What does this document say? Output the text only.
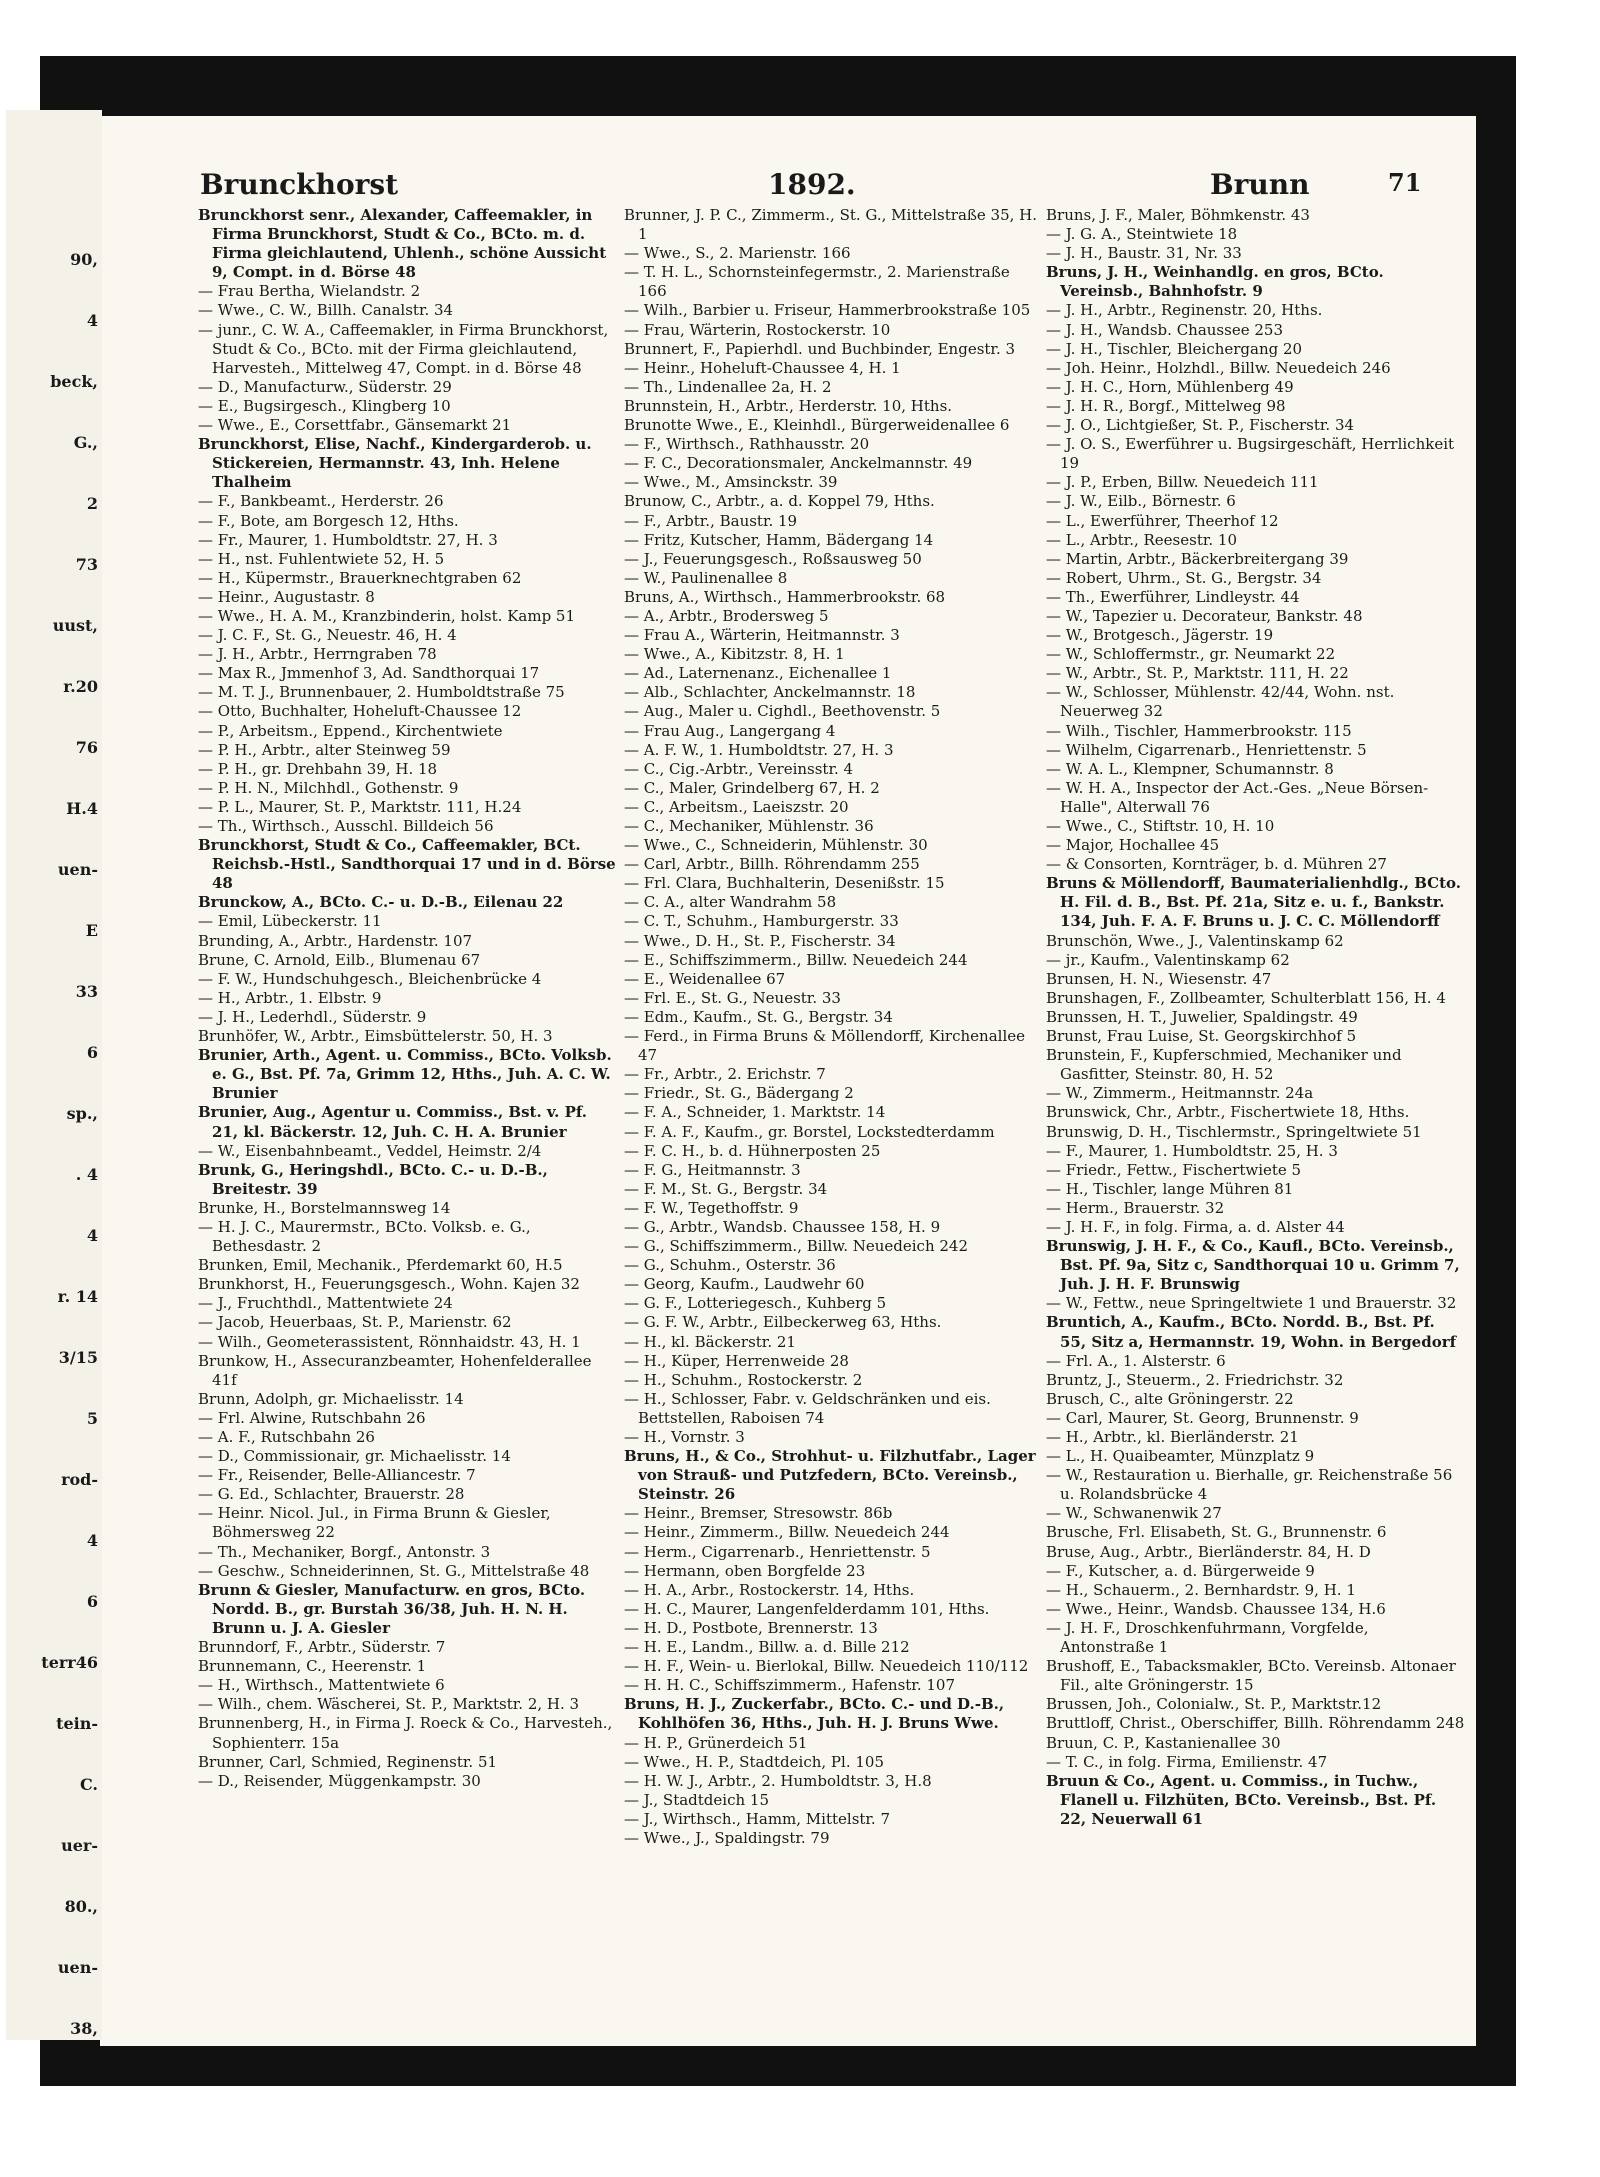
90,
4
beck,
G.,
2
73
uust,
r.20
76
H.4
uen-
E
33
6
sp.,
. 4
4
r. 14
3/15
5
rod-
4
6
terr46
tein-
C.
uer-
80.,
uen-
38,
Brunckhorst	1892.	Brunn	71

Brunckhorst senr., Alexander, Caffeemakler, in Firma Brunckhorst, Studt & Co., BCto. m. d. Firma gleichlautend, Uhlenh., schöne Aussicht 9, Compt. in d. Börse 48

— Frau Bertha, Wielandstr. 2

— Wwe., C. W., Billh. Canalstr. 34

— junr., C. W. A., Caffeemakler, in Firma Brunckhorst, Studt & Co., BCto. mit der Firma gleichlautend, Harvesteh., Mittelweg 47, Compt. in d. Börse 48

— D., Manufacturw., Süderstr. 29

— E., Bugsirgesch., Klingberg 10

— Wwe., E., Corsettfabr., Gänsemarkt 21

Brunckhorst, Elise, Nachf., Kindergarderob. u. Stickereien, Hermannstr. 43, Inh. Helene Thalheim

— F., Bankbeamt., Herderstr. 26

— F., Bote, am Borgesch 12, Hths.

— Fr., Maurer, 1. Humboldtstr. 27, H. 3

— H., nst. Fuhlentwiete 52, H. 5

— H., Küpermstr., Brauerknechtgraben 62

— Heinr., Augustastr. 8

— Wwe., H. A. M., Kranzbinderin, holst. Kamp 51

— J. C. F., St. G., Neuestr. 46, H. 4

— J. H., Arbtr., Herrngraben 78

— Max R., Jmmenhof 3, Ad. Sandthorquai 17

— M. T. J., Brunnenbauer, 2. Humboldtstraße 75

— Otto, Buchhalter, Hoheluft-Chaussee 12

— P., Arbeitsm., Eppend., Kirchentwiete

— P. H., Arbtr., alter Steinweg 59

— P. H., gr. Drehbahn 39, H. 18

— P. H. N., Milchhdl., Gothenstr. 9

— P. L., Maurer, St. P., Marktstr. 111, H.24

— Th., Wirthsch., Ausschl. Billdeich 56

Brunckhorst, Studt & Co., Caffeemakler, BCt. Reichsb.-Hstl., Sandthorquai 17 und in d. Börse 48

Brunckow, A., BCto. C.- u. D.-B., Eilenau 22

— Emil, Lübeckerstr. 11

Brunding, A., Arbtr., Hardenstr. 107

Brune, C. Arnold, Eilb., Blumenau 67

— F. W., Hundschuhgesch., Bleichenbrücke 4

— H., Arbtr., 1. Elbstr. 9

— J. H., Lederhdl., Süderstr. 9

Brunhöfer, W., Arbtr., Eimsbüttelerstr. 50, H. 3

Brunier, Arth., Agent. u. Commiss., BCto. Volksb. e. G., Bst. Pf. 7a, Grimm 12, Hths., Juh. A. C. W. Brunier

Brunier, Aug., Agentur u. Commiss., Bst. v. Pf. 21, kl. Bäckerstr. 12, Juh. C. H. A. Brunier

— W., Eisenbahnbeamt., Veddel, Heimstr. 2/4

Brunk, G., Heringshdl., BCto. C.- u. D.-B., Breitestr. 39

Brunke, H., Borstelmannsweg 14

— H. J. C., Maurermstr., BCto. Volksb. e. G., Bethesdastr. 2

Brunken, Emil, Mechanik., Pferdemarkt 60, H.5

Brunkhorst, H., Feuerungsgesch., Wohn. Kajen 32

— J., Fruchthdl., Mattentwiete 24

— Jacob, Heuerbaas, St. P., Marienstr. 62

— Wilh., Geometerassistent, Rönnhaidstr. 43, H. 1

Brunkow, H., Assecuranzbeamter, Hohenfelderallee 41f

Brunn, Adolph, gr. Michaelisstr. 14

— Frl. Alwine, Rutschbahn 26

— A. F., Rutschbahn 26

— D., Commissionair, gr. Michaelisstr. 14

— Fr., Reisender, Belle-Alliancestr. 7

— G. Ed., Schlachter, Brauerstr. 28

— Heinr. Nicol. Jul., in Firma Brunn & Giesler, Böhmersweg 22

— Th., Mechaniker, Borgf., Antonstr. 3

— Geschw., Schneiderinnen, St. G., Mittelstraße 48

Brunn & Giesler, Manufacturw. en gros, BCto. Nordd. B., gr. Burstah 36/38, Juh. H. N. H. Brunn u. J. A. Giesler

Brunndorf, F., Arbtr., Süderstr. 7

Brunnemann, C., Heerenstr. 1

— H., Wirthsch., Mattentwiete 6

— Wilh., chem. Wäscherei, St. P., Marktstr. 2, H. 3

Brunnenberg, H., in Firma J. Roeck & Co., Harvesteh., Sophienterr. 15a

Brunner, Carl, Schmied, Reginenstr. 51

— D., Reisender, Müggenkampstr. 30

Brunner, J. P. C., Zimmerm., St. G., Mittelstraße 35, H. 1

— Wwe., S., 2. Marienstr. 166

— T. H. L., Schornsteinfegermstr., 2. Marienstraße 166

— Wilh., Barbier u. Friseur, Hammerbrookstraße 105

— Frau, Wärterin, Rostockerstr. 10

Brunnert, F., Papierhdl. und Buchbinder, Engestr. 3

— Heinr., Hoheluft-Chaussee 4, H. 1

— Th., Lindenallee 2a, H. 2

Brunnstein, H., Arbtr., Herderstr. 10, Hths.

Brunotte Wwe., E., Kleinhdl., Bürgerweidenallee 6

— F., Wirthsch., Rathhausstr. 20

— F. C., Decorationsmaler, Anckelmannstr. 49

— Wwe., M., Amsinckstr. 39

Brunow, C., Arbtr., a. d. Koppel 79, Hths.

— F., Arbtr., Baustr. 19

— Fritz, Kutscher, Hamm, Bädergang 14

— J., Feuerungsgesch., Roßsausweg 50

— W., Paulinenallee 8

Bruns, A., Wirthsch., Hammerbrookstr. 68

— A., Arbtr., Brodersweg 5

— Frau A., Wärterin, Heitmannstr. 3

— Wwe., A., Kibitzstr. 8, H. 1

— Ad., Laternenanz., Eichenallee 1

— Alb., Schlachter, Anckelmannstr. 18

— Aug., Maler u. Cighdl., Beethovenstr. 5

— Frau Aug., Langergang 4

— A. F. W., 1. Humboldtstr. 27, H. 3

— C., Cig.-Arbtr., Vereinsstr. 4

— C., Maler, Grindelberg 67, H. 2

— C., Arbeitsm., Laeiszstr. 20

— C., Mechaniker, Mühlenstr. 36

— Wwe., C., Schneiderin, Mühlenstr. 30

— Carl, Arbtr., Billh. Röhrendamm 255

— Frl. Clara, Buchhalterin, Desenißstr. 15

— C. A., alter Wandrahm 58

— C. T., Schuhm., Hamburgerstr. 33

— Wwe., D. H., St. P., Fischerstr. 34

— E., Schiffszimmerm., Billw. Neuedeich 244

— E., Weidenallee 67

— Frl. E., St. G., Neuestr. 33

— Edm., Kaufm., St. G., Bergstr. 34

— Ferd., in Firma Bruns & Möllendorff, Kirchenallee 47

— Fr., Arbtr., 2. Erichstr. 7

— Friedr., St. G., Bädergang 2

— F. A., Schneider, 1. Marktstr. 14

— F. A. F., Kaufm., gr. Borstel, Lockstedterdamm

— F. C. H., b. d. Hühnerposten 25

— F. G., Heitmannstr. 3

— F. M., St. G., Bergstr. 34

— F. W., Tegethoffstr. 9

— G., Arbtr., Wandsb. Chaussee 158, H. 9

— G., Schiffszimmerm., Billw. Neuedeich 242

— G., Schuhm., Osterstr. 36

— Georg, Kaufm., Laudwehr 60

— G. F., Lotteriegesch., Kuhberg 5

— G. F. W., Arbtr., Eilbeckerweg 63, Hths.

— H., kl. Bäckerstr. 21

— H., Küper, Herrenweide 28

— H., Schuhm., Rostockerstr. 2

— H., Schlosser, Fabr. v. Geldschränken und eis. Bettstellen, Raboisen 74

— H., Vornstr. 3

Bruns, H., & Co., Strohhut- u. Filzhutfabr., Lager von Strauß- und Putzfedern, BCto. Vereinsb., Steinstr. 26

— Heinr., Bremser, Stresowstr. 86b

— Heinr., Zimmerm., Billw. Neuedeich 244

— Herm., Cigarrenarb., Henriettenstr. 5

— Hermann, oben Borgfelde 23

— H. A., Arbr., Rostockerstr. 14, Hths.

— H. C., Maurer, Langenfelderdamm 101, Hths.

— H. D., Postbote, Brennerstr. 13

— H. E., Landm., Billw. a. d. Bille 212

— H. F., Wein- u. Bierlokal, Billw. Neuedeich 110/112

— H. H. C., Schiffszimmerm., Hafenstr. 107

Bruns, H. J., Zuckerfabr., BCto. C.- und D.-B., Kohlhöfen 36, Hths., Juh. H. J. Bruns Wwe.

— H. P., Grünerdeich 51

— Wwe., H. P., Stadtdeich, Pl. 105

— H. W. J., Arbtr., 2. Humboldtstr. 3, H.8

— J., Stadtdeich 15

— J., Wirthsch., Hamm, Mittelstr. 7

— Wwe., J., Spaldingstr. 79

Bruns, J. F., Maler, Böhmkenstr. 43

— J. G. A., Steintwiete 18

— J. H., Baustr. 31, Nr. 33

Bruns, J. H., Weinhandlg. en gros, BCto. Vereinsb., Bahnhofstr. 9

— J. H., Arbtr., Reginenstr. 20, Hths.

— J. H., Wandsb. Chaussee 253

— J. H., Tischler, Bleichergang 20

— Joh. Heinr., Holzhdl., Billw. Neuedeich 246

— J. H. C., Horn, Mühlenberg 49

— J. H. R., Borgf., Mittelweg 98

— J. O., Lichtgießer, St. P., Fischerstr. 34

— J. O. S., Ewerführer u. Bugsirgeschäft, Herrlichkeit 19

— J. P., Erben, Billw. Neuedeich 111

— J. W., Eilb., Börnestr. 6

— L., Ewerführer, Theerhof 12

— L., Arbtr., Reesestr. 10

— Martin, Arbtr., Bäckerbreitergang 39

— Robert, Uhrm., St. G., Bergstr. 34

— Th., Ewerführer, Lindleystr. 44

— W., Tapezier u. Decorateur, Bankstr. 48

— W., Brotgesch., Jägerstr. 19

— W., Schloffermstr., gr. Neumarkt 22

— W., Arbtr., St. P., Marktstr. 111, H. 22

— W., Schlosser, Mühlenstr. 42/44, Wohn. nst. Neuerweg 32

— Wilh., Tischler, Hammerbrookstr. 115

— Wilhelm, Cigarrenarb., Henriettenstr. 5

— W. A. L., Klempner, Schumannstr. 8

— W. H. A., Inspector der Act.-Ges. „Neue Börsen-Halle", Alterwall 76

— Wwe., C., Stiftstr. 10, H. 10

— Major, Hochallee 45

— & Consorten, Kornträger, b. d. Mühren 27

Bruns & Möllendorff, Baumaterialienhdlg., BCto. H. Fil. d. B., Bst. Pf. 21a, Sitz e. u. f., Bankstr. 134, Juh. F. A. F. Bruns u. J. C. C. Möllendorff

Brunschön, Wwe., J., Valentinskamp 62

— jr., Kaufm., Valentinskamp 62

Brunsen, H. N., Wiesenstr. 47

Brunshagen, F., Zollbeamter, Schulterblatt 156, H. 4

Brunssen, H. T., Juwelier, Spaldingstr. 49

Brunst, Frau Luise, St. Georgskirchhof 5

Brunstein, F., Kupferschmied, Mechaniker und Gasfitter, Steinstr. 80, H. 52

— W., Zimmerm., Heitmannstr. 24a

Brunswick, Chr., Arbtr., Fischertwiete 18, Hths.

Brunswig, D. H., Tischlermstr., Springeltwiete 51

— F., Maurer, 1. Humboldtstr. 25, H. 3

— Friedr., Fettw., Fischertwiete 5

— H., Tischler, lange Mühren 81

— Herm., Brauerstr. 32

— J. H. F., in folg. Firma, a. d. Alster 44

Brunswig, J. H. F., & Co., Kaufl., BCto. Vereinsb., Bst. Pf. 9a, Sitz c, Sandthorquai 10 u. Grimm 7, Juh. J. H. F. Brunswig

— W., Fettw., neue Springeltwiete 1 und Brauerstr. 32

Bruntich, A., Kaufm., BCto. Nordd. B., Bst. Pf. 55, Sitz a, Hermannstr. 19, Wohn. in Bergedorf

— Frl. A., 1. Alsterstr. 6

Bruntz, J., Steuerm., 2. Friedrichstr. 32

Brusch, C., alte Gröningerstr. 22

— Carl, Maurer, St. Georg, Brunnenstr. 9

— H., Arbtr., kl. Bierländerstr. 21

— L., H. Quaibeamter, Münzplatz 9

— W., Restauration u. Bierhalle, gr. Reichenstraße 56 u. Rolandsbrücke 4

— W., Schwanenwik 27

Brusche, Frl. Elisabeth, St. G., Brunnenstr. 6

Bruse, Aug., Arbtr., Bierländerstr. 84, H. D

— F., Kutscher, a. d. Bürgerweide 9

— H., Schauerm., 2. Bernhardstr. 9, H. 1

— Wwe., Heinr., Wandsb. Chaussee 134, H.6

— J. H. F., Droschkenfuhrmann, Vorgfelde, Antonstraße 1

Brushoff, E., Tabacksmakler, BCto. Vereinsb. Altonaer Fil., alte Gröningerstr. 15

Brussen, Joh., Colonialw., St. P., Marktstr.12

Bruttloff, Christ., Oberschiffer, Billh. Röhrendamm 248

Bruun, C. P., Kastanienallee 30

— T. C., in folg. Firma, Emilienstr. 47

Bruun & Co., Agent. u. Commiss., in Tuchw., Flanell u. Filzhüten, BCto. Vereinsb., Bst. Pf. 22, Neuerwall 61
